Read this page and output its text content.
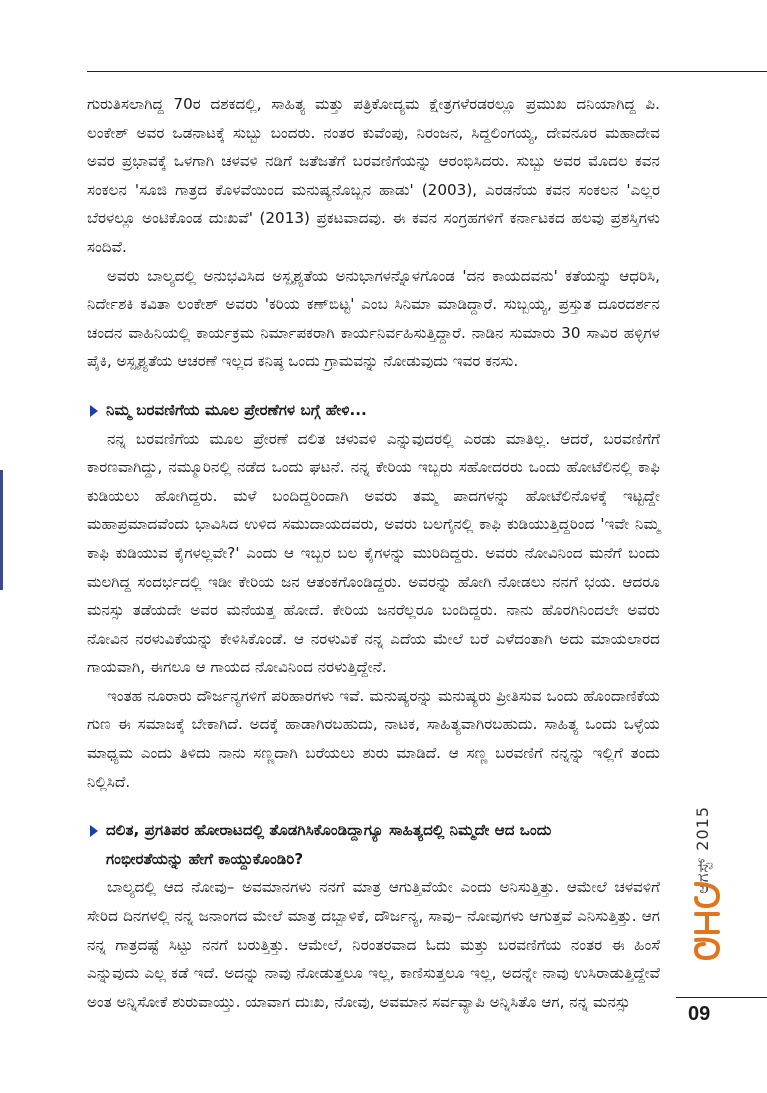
ಗುರುತಿಸಲಾಗಿದ್ದ 70ರ ದಶಕದಲ್ಲಿ, ಸಾಹಿತ್ಯ ಮತ್ತು ಪತ್ರಿಕೋದ್ಯಮ ಕ್ಷೇತ್ರಗಳೆರಡರಲ್ಲೂ ಪ್ರಮುಖ ದನಿಯಾಗಿದ್ದ ಪಿ. ಲಂಕೇಶ್ ಅವರ ಒಡನಾಟಕ್ಕೆ ಸುಬ್ಬು ಬಂದರು. ನಂತರ ಕುವೆಂಪು, ನಿರಂಜನ, ಸಿದ್ದಲಿಂಗಯ್ಯ, ದೇವನೂರ ಮಹಾದೇವ ಅವರ ಪ್ರಭಾವಕ್ಕೆ ಒಳಗಾಗಿ ಚಳವಳಿ ನಡಿಗೆ ಜತೆಜತೆಗೆ ಬರವಣಿಗೆಯನ್ನು ಆರಂಭಿಸಿದರು. ಸುಬ್ಬು ಅವರ ಮೊದಲ ಕವನ ಸಂಕಲನ 'ಸೂಜಿ ಗಾತ್ರದ ಕೊಳವೆಯಿಂದ ಮನುಷ್ಯನೊಬ್ಬನ ಹಾಡು' (2003), ಎರಡನೆಯ ಕವನ ಸಂಕಲನ 'ಎಲ್ಲರ ಬೆರಳಲ್ಲೂ ಅಂಟಿಕೊಂಡ ದುಃಖವೆ' (2013) ಪ್ರಕಟವಾದವು. ಈ ಕವನ ಸಂಗ್ರಹಗಳಿಗೆ ಕರ್ನಾಟಕದ ಹಲವು ಪ್ರಶಸ್ತಿಗಳು ಸಂದಿವೆ.

ಅವರು ಬಾಲ್ಯದಲ್ಲಿ ಅನುಭವಿಸಿದ ಅಸ್ಪೃಶ್ಯತೆಯ ಅನುಭಾಗಳನ್ನೊಳಗೊಂಡ 'ದನ ಕಾಯದವನು' ಕತೆಯನ್ನು ಆಧರಿಸಿ, ನಿರ್ದೇಶಕಿ ಕವಿತಾ ಲಂಕೇಶ್ ಅವರು 'ಕರಿಯ ಕಣ್‌ಬಿಟ್ಟ' ಎಂಬ ಸಿನಿಮಾ ಮಾಡಿದ್ದಾರೆ. ಸುಬ್ಬಯ್ಯ, ಪ್ರಸ್ತುತ ದೂರದರ್ಶನ ಚಂದನ ವಾಹಿನಿಯಲ್ಲಿ ಕಾರ್ಯಕ್ರಮ ನಿರ್ಮಾಪಕರಾಗಿ ಕಾರ್ಯನಿರ್ವಹಿಸುತ್ತಿದ್ದಾರೆ. ನಾಡಿನ ಸುಮಾರು 30 ಸಾವಿರ ಹಳ್ಳಿಗಳ ಪೈಕಿ, ಅಸ್ಪೃಶ್ಯತೆಯ ಆಚರಣೆ ಇಲ್ಲದ ಕನಿಷ್ಠ ಒಂದು ಗ್ರಾಮವನ್ನು ನೋಡುವುದು ಇವರ ಕನಸು.

ನಿಮ್ಮ ಬರವಣಿಗೆಯ ಮೂಲ ಪ್ರೇರಣೆಗಳ ಬಗ್ಗೆ ಹೇಳಿ...

ನನ್ನ ಬರವಣಿಗೆಯ ಮೂಲ ಪ್ರೇರಣೆ ದಲಿತ ಚಳುವಳಿ ಎನ್ನುವುದರಲ್ಲಿ ಎರಡು ಮಾತಿಲ್ಲ. ಆದರೆ, ಬರವಣಿಗೆಗೆ ಕಾರಣವಾಗಿದ್ದು, ನಮ್ಮೂರಿನಲ್ಲಿ ನಡೆದ ಒಂದು ಘಟನೆ. ನನ್ನ ಕೇರಿಯ ಇಬ್ಬರು ಸಹೋದರರು ಒಂದು ಹೋಟೆಲಿನಲ್ಲಿ ಕಾಫಿ ಕುಡಿಯಲು ಹೋಗಿದ್ದರು. ಮಳೆ ಬಂದಿದ್ದರಿಂದಾಗಿ ಅವರು ತಮ್ಮ ಪಾದಗಳನ್ನು ಹೋಟೆಲಿನೊಳಕ್ಕೆ ಇಟ್ಟದ್ದೇ ಮಹಾಪ್ರಮಾದವೆಂದು ಭಾವಿಸಿದ ಉಳಿದ ಸಮುದಾಯದವರು, ಅವರು ಬಲಗೈನಲ್ಲಿ ಕಾಫಿ ಕುಡಿಯುತ್ತಿದ್ದರಿಂದ 'ಇವೇ ನಿಮ್ಮ ಕಾಫಿ ಕುಡಿಯುವ ಕೈಗಳಲ್ಲವೇ?' ಎಂದು ಆ ಇಬ್ಬರ ಬಲ ಕೈಗಳನ್ನು ಮುರಿದಿದ್ದರು. ಅವರು ನೋವಿನಿಂದ ಮನೆಗೆ ಬಂದು ಮಲಗಿದ್ದ ಸಂದರ್ಭದಲ್ಲಿ ಇಡೀ ಕೇರಿಯ ಜನ ಆತಂಕಗೊಂಡಿದ್ದರು. ಅವರನ್ನು ಹೋಗಿ ನೋಡಲು ನನಗೆ ಭಯ. ಆದರೂ ಮನಸ್ಸು ತಡೆಯದೇ ಅವರ ಮನೆಯತ್ತ ಹೋದೆ. ಕೇರಿಯ ಜನರೆಲ್ಲರೂ ಬಂದಿದ್ದರು. ನಾನು ಹೊರಗಿನಿಂದಲೇ ಅವರು ನೋವಿನ ನರಳುವಿಕೆಯನ್ನು ಕೇಳಿಸಿಕೊಂಡೆ. ಆ ನರಳುವಿಕೆ ನನ್ನ ಎದೆಯ ಮೇಲೆ ಬರೆ ಎಳೆದಂತಾಗಿ ಅದು ಮಾಯಲಾರದ ಗಾಯವಾಗಿ, ಈಗಲೂ ಆ ಗಾಯದ ನೋವಿನಿಂದ ನರಳುತ್ತಿದ್ದೇನೆ.

ಇಂತಹ ನೂರಾರು ದೌರ್ಜನ್ಯಗಳಿಗೆ ಪರಿಹಾರಗಳು ಇವೆ. ಮನುಷ್ಯರನ್ನು ಮನುಷ್ಯರು ಪ್ರೀತಿಸುವ ಒಂದು ಹೊಂದಾಣಿಕೆಯ ಗುಣ ಈ ಸಮಾಜಕ್ಕೆ ಬೇಕಾಗಿದೆ. ಅದಕ್ಕೆ ಹಾಡಾಗಿರಬಹುದು, ನಾಟಕ, ಸಾಹಿತ್ಯವಾಗಿರಬಹುದು. ಸಾಹಿತ್ಯ ಒಂದು ಒಳ್ಳೆಯ ಮಾಧ್ಯಮ ಎಂದು ತಿಳಿದು ನಾನು ಸಣ್ಣದಾಗಿ ಬರೆಯಲು ಶುರು ಮಾಡಿದೆ. ಆ ಸಣ್ಣ ಬರವಣಿಗೆ ನನ್ನನ್ನು ಇಲ್ಲಿಗೆ ತಂದು ನಿಲ್ಲಿಸಿದೆ.

ದಲಿತ, ಪ್ರಗತಿಪರ ಹೋರಾಟದಲ್ಲಿ ತೊಡಗಿಸಿಕೊಂಡಿದ್ದಾಗ್ಯೂ ಸಾಹಿತ್ಯದಲ್ಲಿ ನಿಮ್ಮದೇ ಆದ ಒಂದು
ಗಂಭೀರತೆಯನ್ನು ಹೇಗೆ ಕಾಯ್ದುಕೊಂಡಿರಿ?

ಬಾಲ್ಯದಲ್ಲಿ ಆದ ನೋವು– ಅವಮಾನಗಳು ನನಗೆ ಮಾತ್ರ ಆಗುತ್ತಿವೆಯೇ ಎಂದು ಅನಿಸುತ್ತಿತ್ತು. ಆಮೇಲೆ ಚಳವಳಿಗೆ ಸೇರಿದ ದಿನಗಳಲ್ಲಿ ನನ್ನ ಜನಾಂಗದ ಮೇಲೆ ಮಾತ್ರ ದಬ್ಬಾಳಿಕೆ, ದೌರ್ಜನ್ಯ, ಸಾವು– ನೋವುಗಳು ಆಗುತ್ತವೆ ಎನಿಸುತ್ತಿತ್ತು. ಆಗ ನನ್ನ ಗಾತ್ರದಷ್ಟೆ ಸಿಟ್ಟು ನನಗೆ ಬರುತ್ತಿತ್ತು. ಆಮೇಲೆ, ನಿರಂತರವಾದ ಓದು ಮತ್ತು ಬರವಣಿಗೆಯ ನಂತರ ಈ ಹಿಂಸೆ ಎನ್ನುವುದು ಎಲ್ಲ ಕಡೆ ಇದೆ. ಅದನ್ನು ನಾವು ನೋಡುತ್ತಲೂ ಇಲ್ಲ, ಕಾಣಿಸುತ್ತಲೂ ಇಲ್ಲ, ಅದನ್ನೇ ನಾವು ಉಸಿರಾಡುತ್ತಿದ್ದೇವೆ ಅಂತ ಅನ್ನಿಸೋಕೆ ಶುರುವಾಯ್ತು. ಯಾವಾಗ ದುಃಖ, ನೋವು, ಅವಮಾನ ಸರ್ವವ್ಯಾಪಿ ಅನ್ನಿಸಿತೊ ಆಗ, ನನ್ನ ಮನಸ್ಸು

ಆಗಸ್ಟ್ 2015
ಮಯೂರ
09
